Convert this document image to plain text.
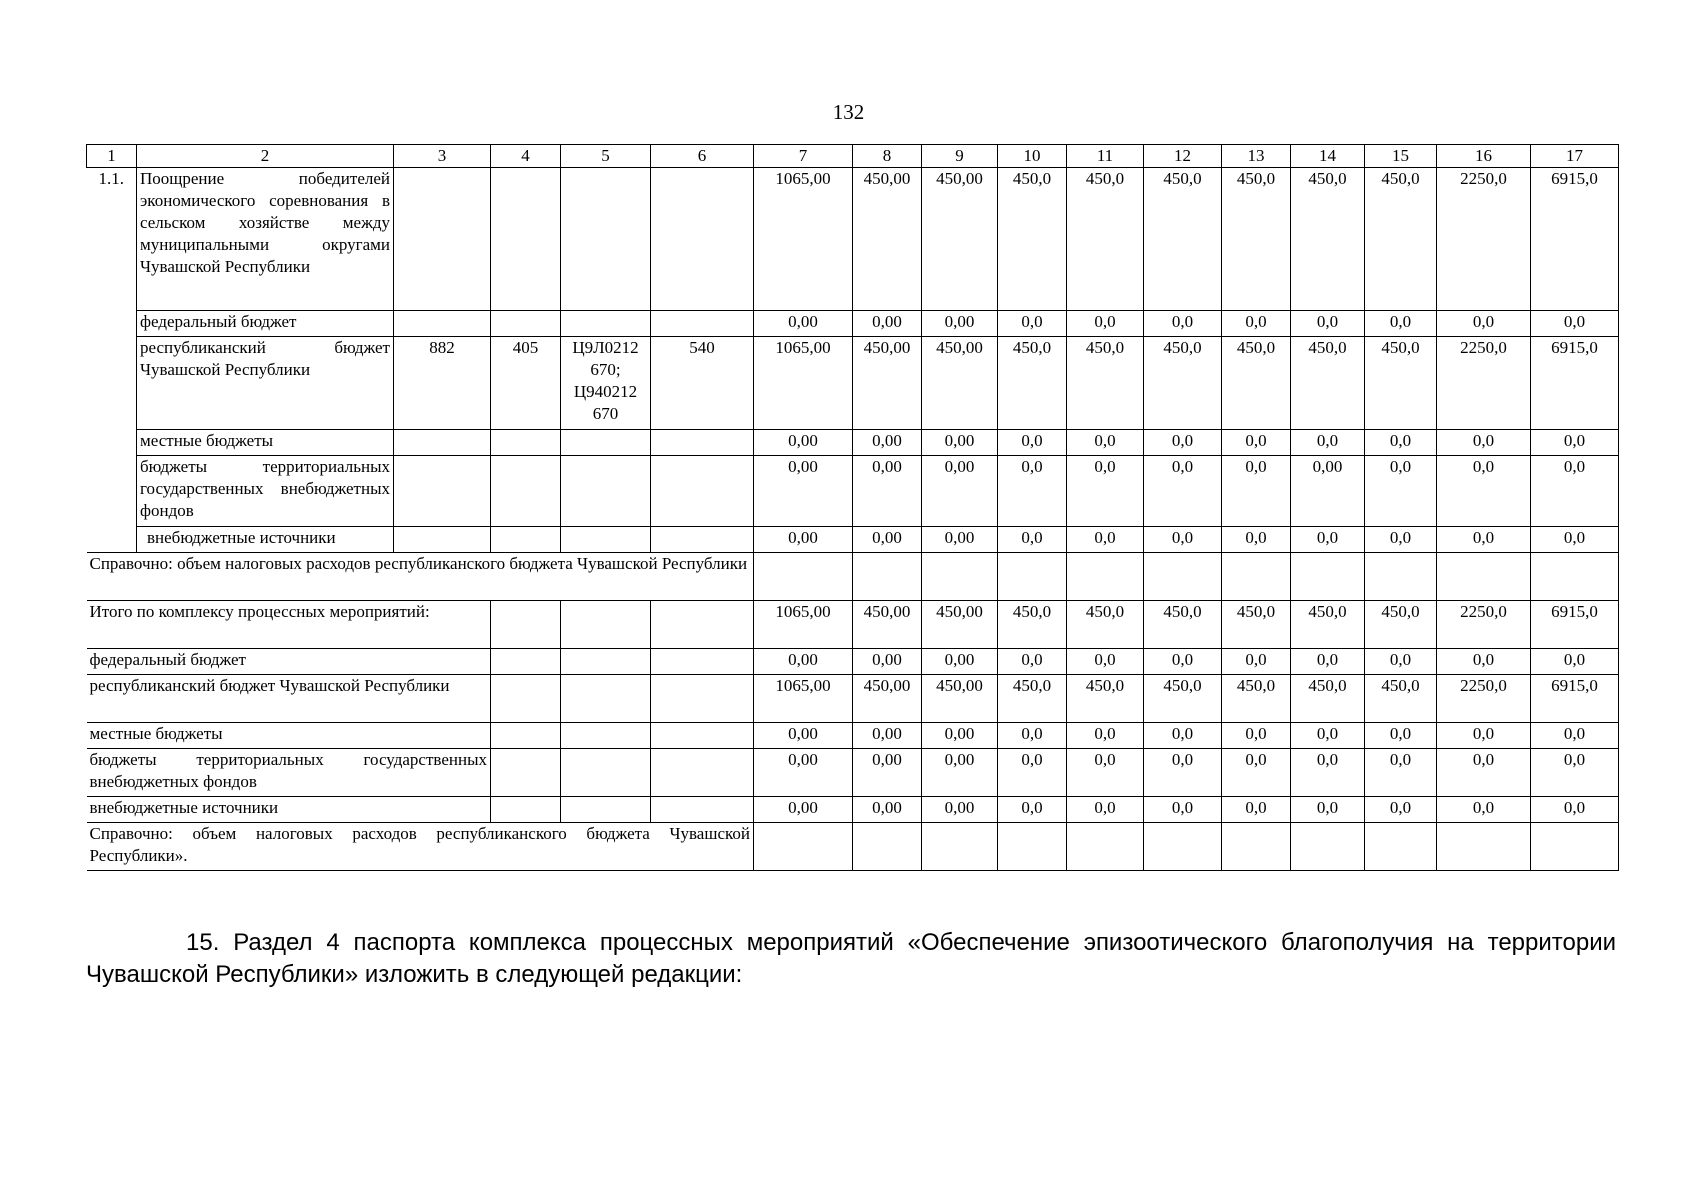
132
1	2	3	4	5	6	7	8	9	10	11	12	13	14	15	16	17
1.1.	Поощрение победителей экономического соревнования в сельском хозяйстве между муниципальными округами Чувашской Республики					1065,00	450,00	450,00	450,0	450,0	450,0	450,0	450,0	450,0	2250,0	6915,0
	федеральный бюджет					0,00	0,00	0,00	0,0	0,0	0,0	0,0	0,0	0,0	0,0	0,0
	республиканский бюджет Чувашской Республики	882	405	Ц9Л0212 670; Ц940212 670	540	1065,00	450,00	450,00	450,0	450,0	450,0	450,0	450,0	450,0	2250,0	6915,0
	местные бюджеты					0,00	0,00	0,00	0,0	0,0	0,0	0,0	0,0	0,0	0,0	0,0
	бюджеты территориальных государственных внебюджетных фондов					0,00	0,00	0,00	0,0	0,0	0,0	0,0	0,00	0,0	0,0	0,0
	внебюджетные источники					0,00	0,00	0,00	0,0	0,0	0,0	0,0	0,0	0,0	0,0	0,0
Справочно: объем налоговых расходов республиканского бюджета Чувашской Республики																
Итого по комплексу процессных мероприятий:						1065,00	450,00	450,00	450,0	450,0	450,0	450,0	450,0	450,0	2250,0	6915,0
федеральный бюджет						0,00	0,00	0,00	0,0	0,0	0,0	0,0	0,0	0,0	0,0	0,0
республиканский бюджет Чувашской Республики						1065,00	450,00	450,00	450,0	450,0	450,0	450,0	450,0	450,0	2250,0	6915,0
местные бюджеты						0,00	0,00	0,00	0,0	0,0	0,0	0,0	0,0	0,0	0,0	0,0
бюджеты территориальных государственных внебюджетных фондов						0,00	0,00	0,00	0,0	0,0	0,0	0,0	0,0	0,0	0,0	0,0
внебюджетные источники						0,00	0,00	0,00	0,0	0,0	0,0	0,0	0,0	0,0	0,0	0,0
Справочно: объем налоговых расходов республиканского бюджета Чувашской Республики».																

15. Раздел 4 паспорта комплекса процессных мероприятий «Обеспечение эпизоотического благополучия на территории Чувашской Республики» изложить в следующей редакции:
